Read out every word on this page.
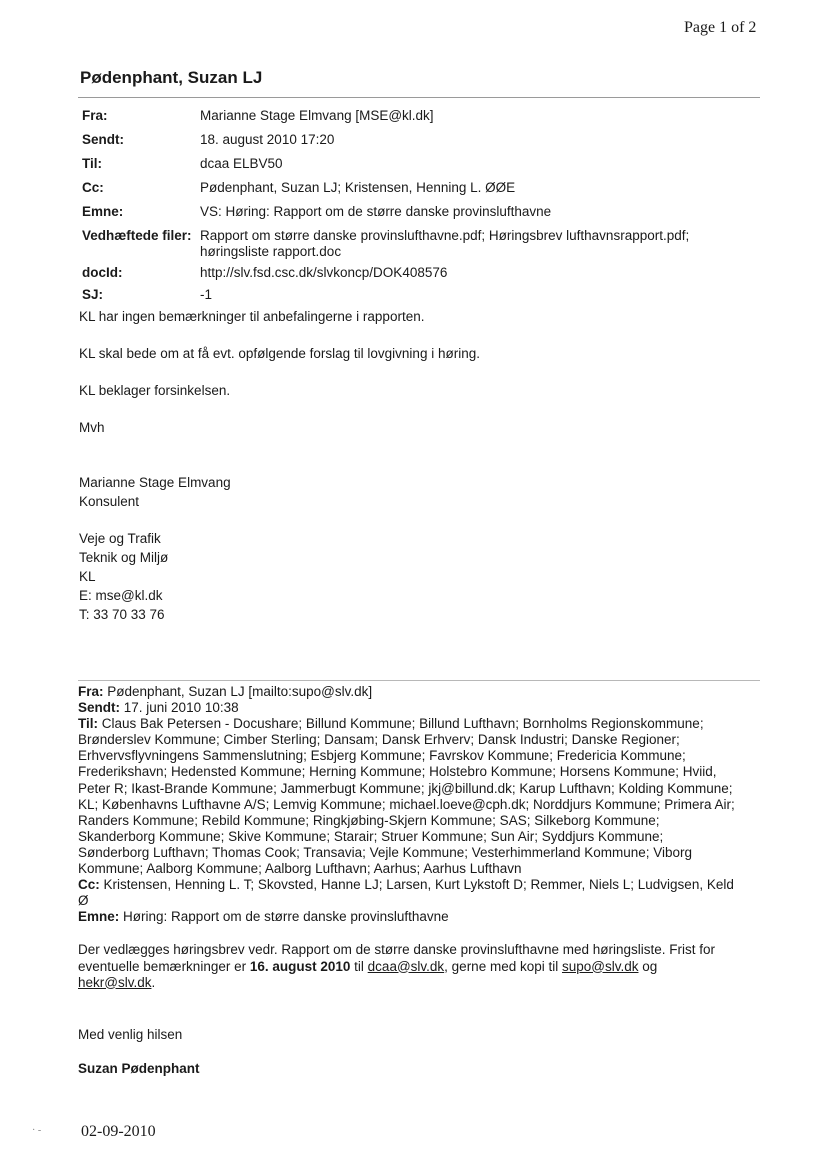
Page 1 of 2
Pødenphant, Suzan LJ
Fra:	Marianne Stage Elmvang [MSE@kl.dk]
Sendt:	18. august 2010 17:20
Til:	dcaa ELBV50
Cc:	Pødenphant, Suzan LJ; Kristensen, Henning L. ØØE
Emne:	VS: Høring: Rapport om de større danske provinslufthavne
Vedhæftede filer: Rapport om større danske provinslufthavne.pdf; Høringsbrev lufthavnsrapport.pdf; høringsliste rapport.doc
docId:	http://slv.fsd.csc.dk/slvkoncp/DOK408576
SJ:	-1

KL har ingen bemærkninger til anbefalingerne i rapporten.

KL skal bede om at få evt. opfølgende forslag til lovgivning i høring.

KL beklager forsinkelsen.

Mvh

Marianne Stage Elmvang
Konsulent
Veje og Trafik
Teknik og Miljø
KL
E: mse@kl.dk
T: 33 70 33 76
Fra: Pødenphant, Suzan LJ [mailto:supo@slv.dk]
Sendt: 17. juni 2010 10:38
Til: Claus Bak Petersen - Docushare; Billund Kommune; Billund Lufthavn; Bornholms Regionskommune; Brønderslev Kommune; Cimber Sterling; Dansam; Dansk Erhverv; Dansk Industri; Danske Regioner; Erhvervsflyvningens Sammenslutning; Esbjerg Kommune; Favrskov Kommune; Fredericia Kommune; Frederikshavn; Hedensted Kommune; Herning Kommune; Holstebro Kommune; Horsens Kommune; Hviid, Peter R; Ikast-Brande Kommune; Jammerbugt Kommune; jkj@billund.dk; Karup Lufthavn; Kolding Kommune; KL; Københavns Lufthavne A/S; Lemvig Kommune; michael.loeve@cph.dk; Norddjurs Kommune; Primera Air; Randers Kommune; Rebild Kommune; Ringkjøbing-Skjern Kommune; SAS; Silkeborg Kommune; Skanderborg Kommune; Skive Kommune; Starair; Struer Kommune; Sun Air; Syddjurs Kommune; Sønderborg Lufthavn; Thomas Cook; Transavia; Vejle Kommune; Vesterhimmerland Kommune; Viborg Kommune; Aalborg Kommune; Aalborg Lufthavn; Aarhus; Aarhus Lufthavn
Cc: Kristensen, Henning L. T; Skovsted, Hanne LJ; Larsen, Kurt Lykstoft D; Remmer, Niels L; Ludvigsen, Keld Ø
Emne: Høring: Rapport om de større danske provinslufthavne
Der vedlægges høringsbrev vedr. Rapport om de større danske provinslufthavne med høringsliste. Frist for eventuelle bemærkninger er 16. august 2010 til dcaa@slv.dk, gerne med kopi til supo@slv.dk og hekr@slv.dk.
Med venlig hilsen
Suzan Pødenphant
· - 02-09-2010
